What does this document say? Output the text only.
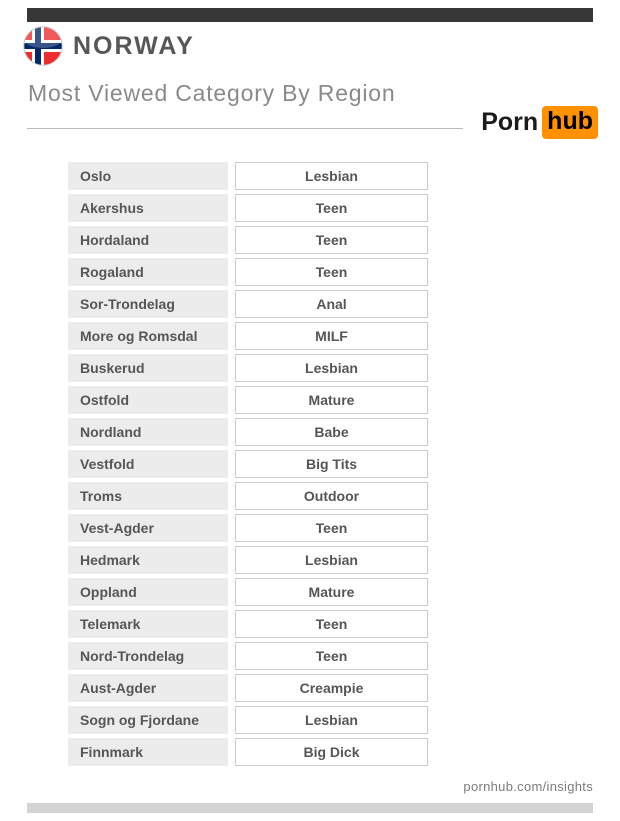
NORWAY
Most Viewed Category By Region
Porn hub
Oslo	Lesbian
Akershus	Teen
Hordaland	Teen
Rogaland	Teen
Sor-Trondelag	Anal
More og Romsdal	MILF
Buskerud	Lesbian
Ostfold	Mature
Nordland	Babe
Vestfold	Big Tits
Troms	Outdoor
Vest-Agder	Teen
Hedmark	Lesbian
Oppland	Mature
Telemark	Teen
Nord-Trondelag	Teen
Aust-Agder	Creampie
Sogn og Fjordane	Lesbian
Finnmark	Big Dick
pornhub.com/insights
